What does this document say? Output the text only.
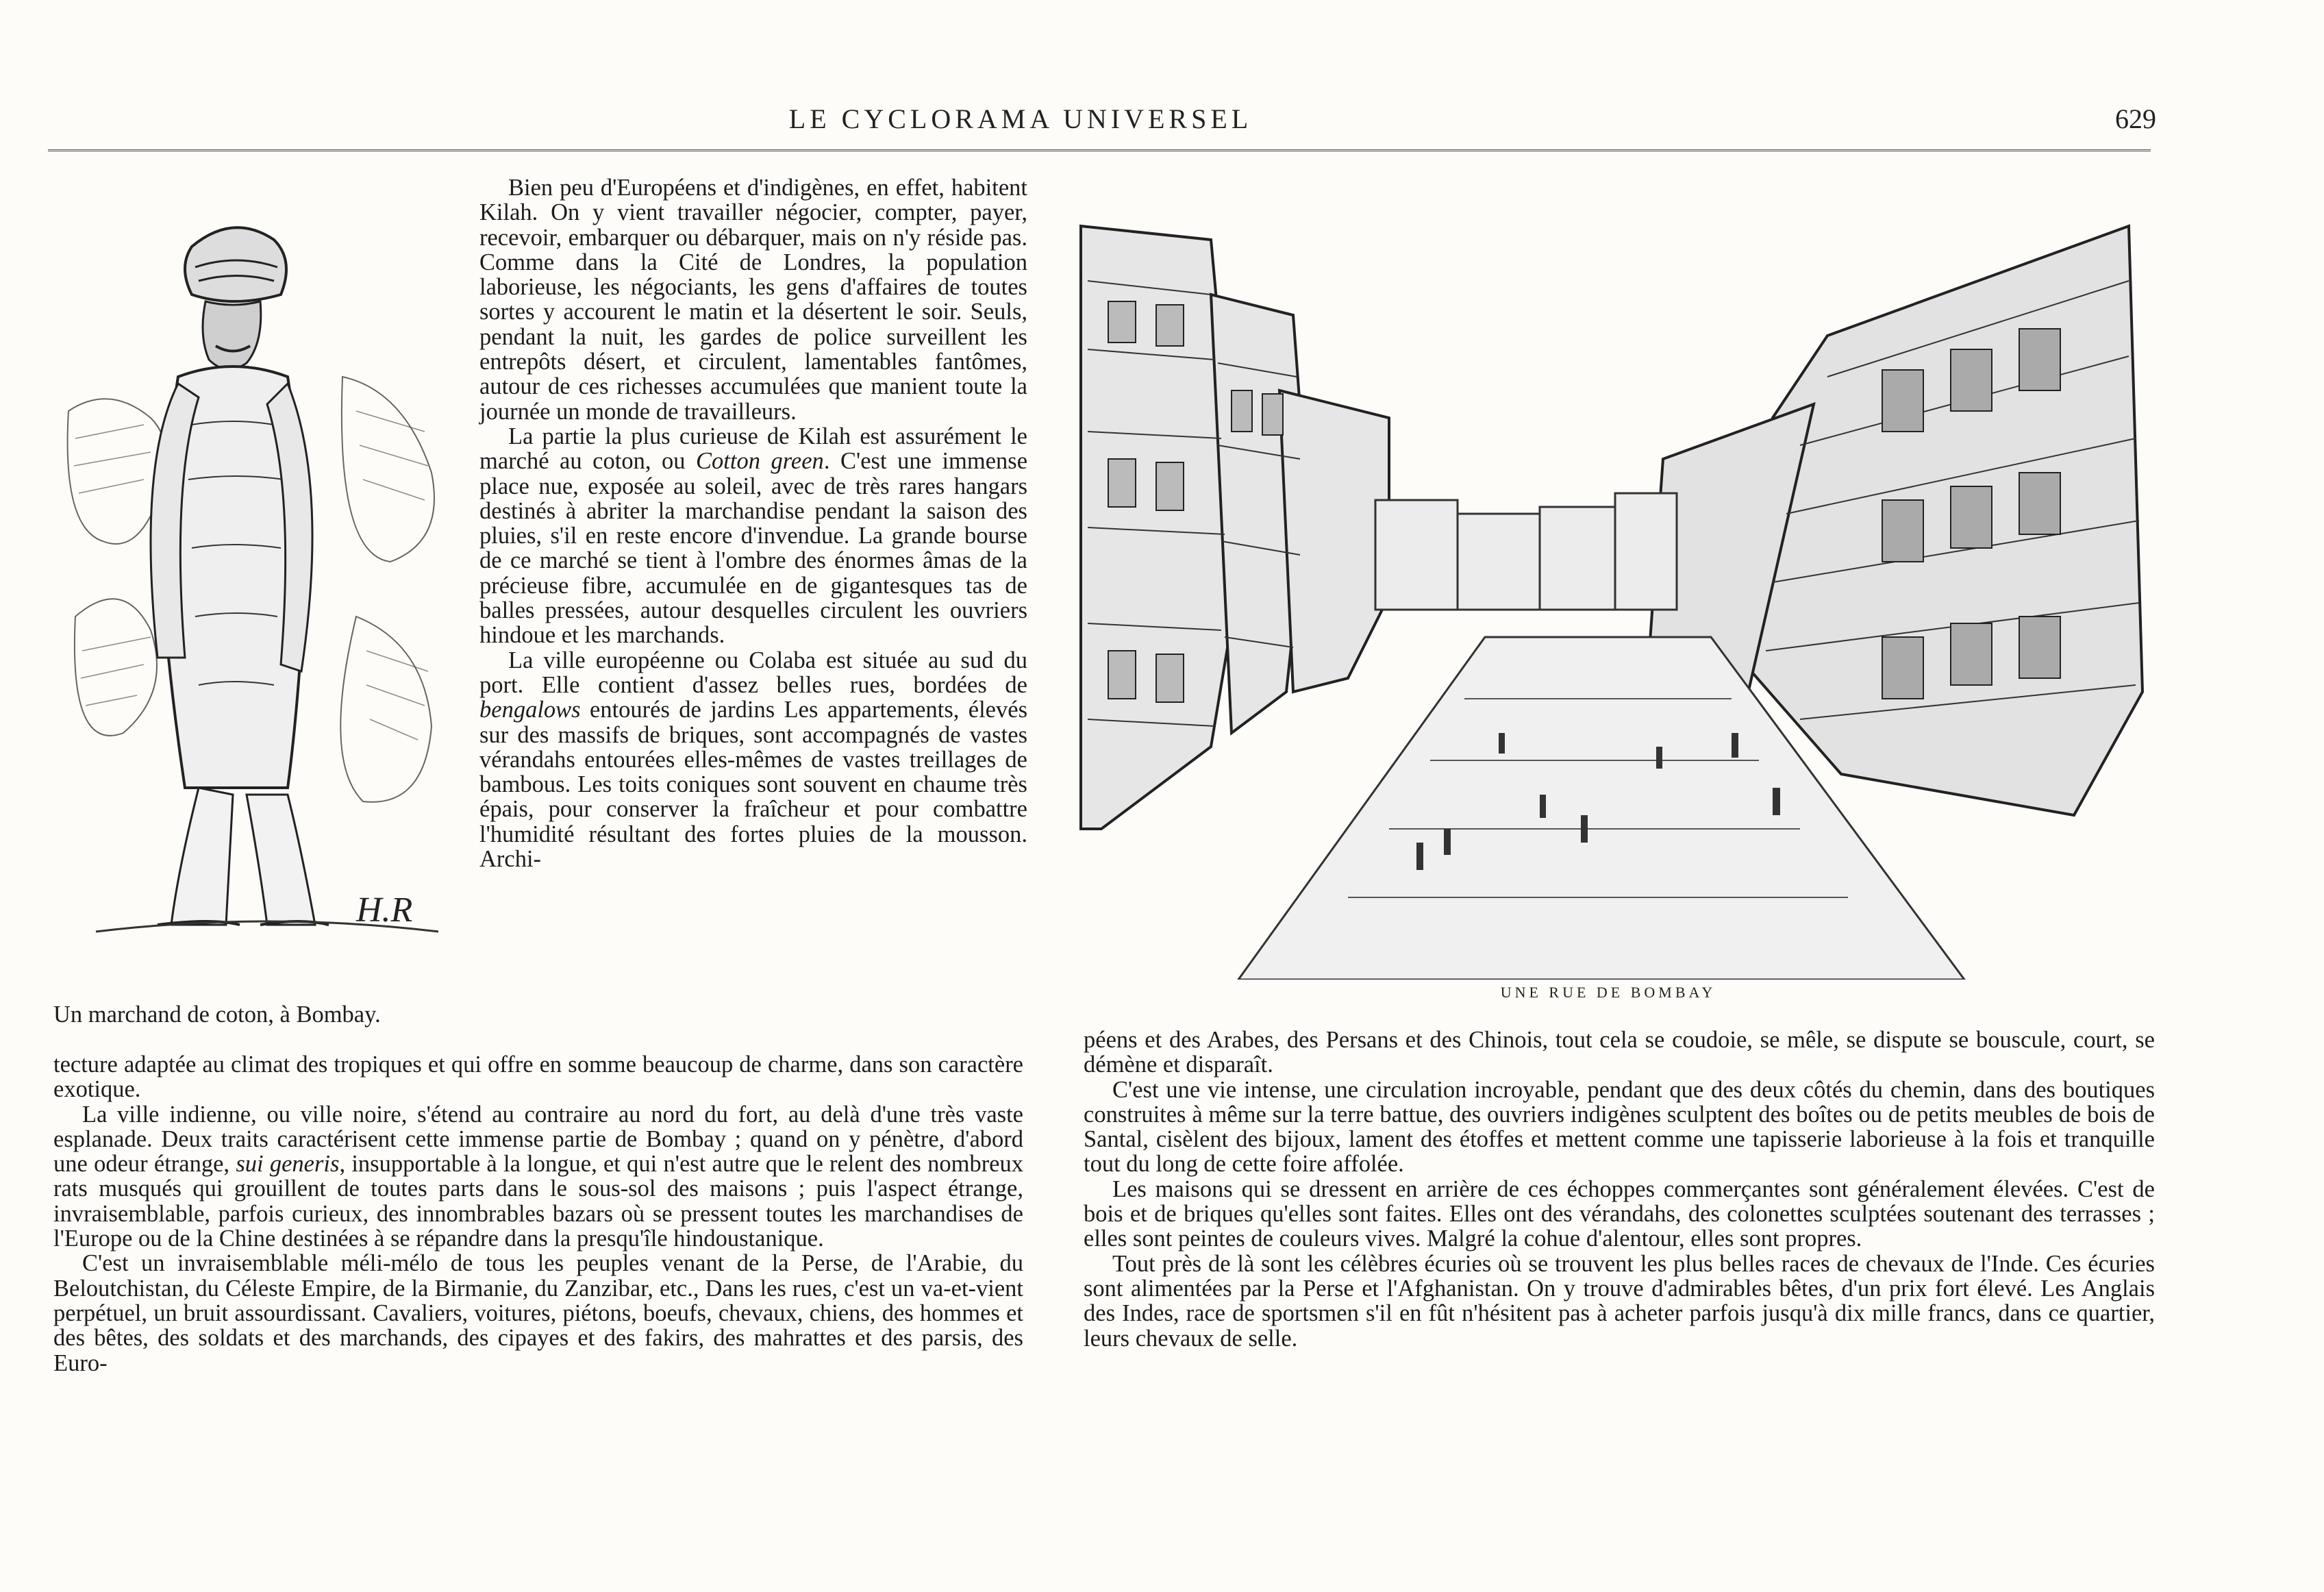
LE CYCLORAMA UNIVERSEL	629
H.R
Un marchand de coton, à Bombay.
UNE RUE DE BOMBAY

Bien peu d'Européens et d'indigènes, en effet, habitent Kilah. On y vient travailler négocier, compter, payer, recevoir, embarquer ou débarquer, mais on n'y réside pas. Comme dans la Cité de Londres, la population laborieuse, les négociants, les gens d'affaires de toutes sortes y accourent le matin et la désertent le soir. Seuls, pendant la nuit, les gardes de police surveillent les entrepôts désert, et circulent, lamentables fantômes, autour de ces richesses accumulées que manient toute la journée un monde de travailleurs.

La partie la plus curieuse de Kilah est assurément le marché au coton, ou Cotton green. C'est une immense place nue, exposée au soleil, avec de très rares hangars destinés à abriter la marchandise pendant la saison des pluies, s'il en reste encore d'invendue. La grande bourse de ce marché se tient à l'ombre des énormes âmas de la précieuse fibre, accumulée en de gigantesques tas de balles pressées, autour desquelles circulent les ouvriers hindoue et les marchands.

La ville européenne ou Colaba est située au sud du port. Elle contient d'assez belles rues, bordées de bengalows entourés de jardins Les appartements, élevés sur des massifs de briques, sont accompagnés de vastes vérandahs entourées elles-mêmes de vastes treillages de bambous. Les toits coniques sont souvent en chaume très épais, pour conserver la fraîcheur et pour combattre l'humidité résultant des fortes pluies de la mousson. Archi-

tecture adaptée au climat des tropiques et qui offre en somme beaucoup de charme, dans son caractère exotique.

La ville indienne, ou ville noire, s'étend au contraire au nord du fort, au delà d'une très vaste esplanade. Deux traits caractérisent cette immense partie de Bombay ; quand on y pénètre, d'abord une odeur étrange, sui generis, insupportable à la longue, et qui n'est autre que le relent des nombreux rats musqués qui grouillent de toutes parts dans le sous-sol des maisons ; puis l'aspect étrange, invraisemblable, parfois curieux, des innombrables bazars où se pressent toutes les marchandises de l'Europe ou de la Chine destinées à se répandre dans la presqu'île hindoustanique.

C'est un invraisemblable méli-mélo de tous les peuples venant de la Perse, de l'Arabie, du Beloutchistan, du Céleste Empire, de la Birmanie, du Zanzibar, etc., Dans les rues, c'est un va-et-vient perpétuel, un bruit assourdissant. Cavaliers, voitures, piétons, boeufs, chevaux, chiens, des hommes et des bêtes, des soldats et des marchands, des cipayes et des fakirs, des mahrattes et des parsis, des Euro-

péens et des Arabes, des Persans et des Chinois, tout cela se coudoie, se mêle, se dispute se bouscule, court, se démène et disparaît.

C'est une vie intense, une circulation incroyable, pendant que des deux côtés du chemin, dans des boutiques construites à même sur la terre battue, des ouvriers indigènes sculptent des boîtes ou de petits meubles de bois de Santal, cisèlent des bijoux, lament des étoffes et mettent comme une tapisserie laborieuse à la fois et tranquille tout du long de cette foire affolée.

Les maisons qui se dressent en arrière de ces échoppes commerçantes sont généralement élevées. C'est de bois et de briques qu'elles sont faites. Elles ont des vérandahs, des colonettes sculptées soutenant des terrasses ; elles sont peintes de couleurs vives. Malgré la cohue d'alentour, elles sont propres.

Tout près de là sont les célèbres écuries où se trouvent les plus belles races de chevaux de l'Inde. Ces écuries sont alimentées par la Perse et l'Afghanistan. On y trouve d'admirables bêtes, d'un prix fort élevé. Les Anglais des Indes, race de sportsmen s'il en fût n'hésitent pas à acheter parfois jusqu'à dix mille francs, dans ce quartier, leurs chevaux de selle.
